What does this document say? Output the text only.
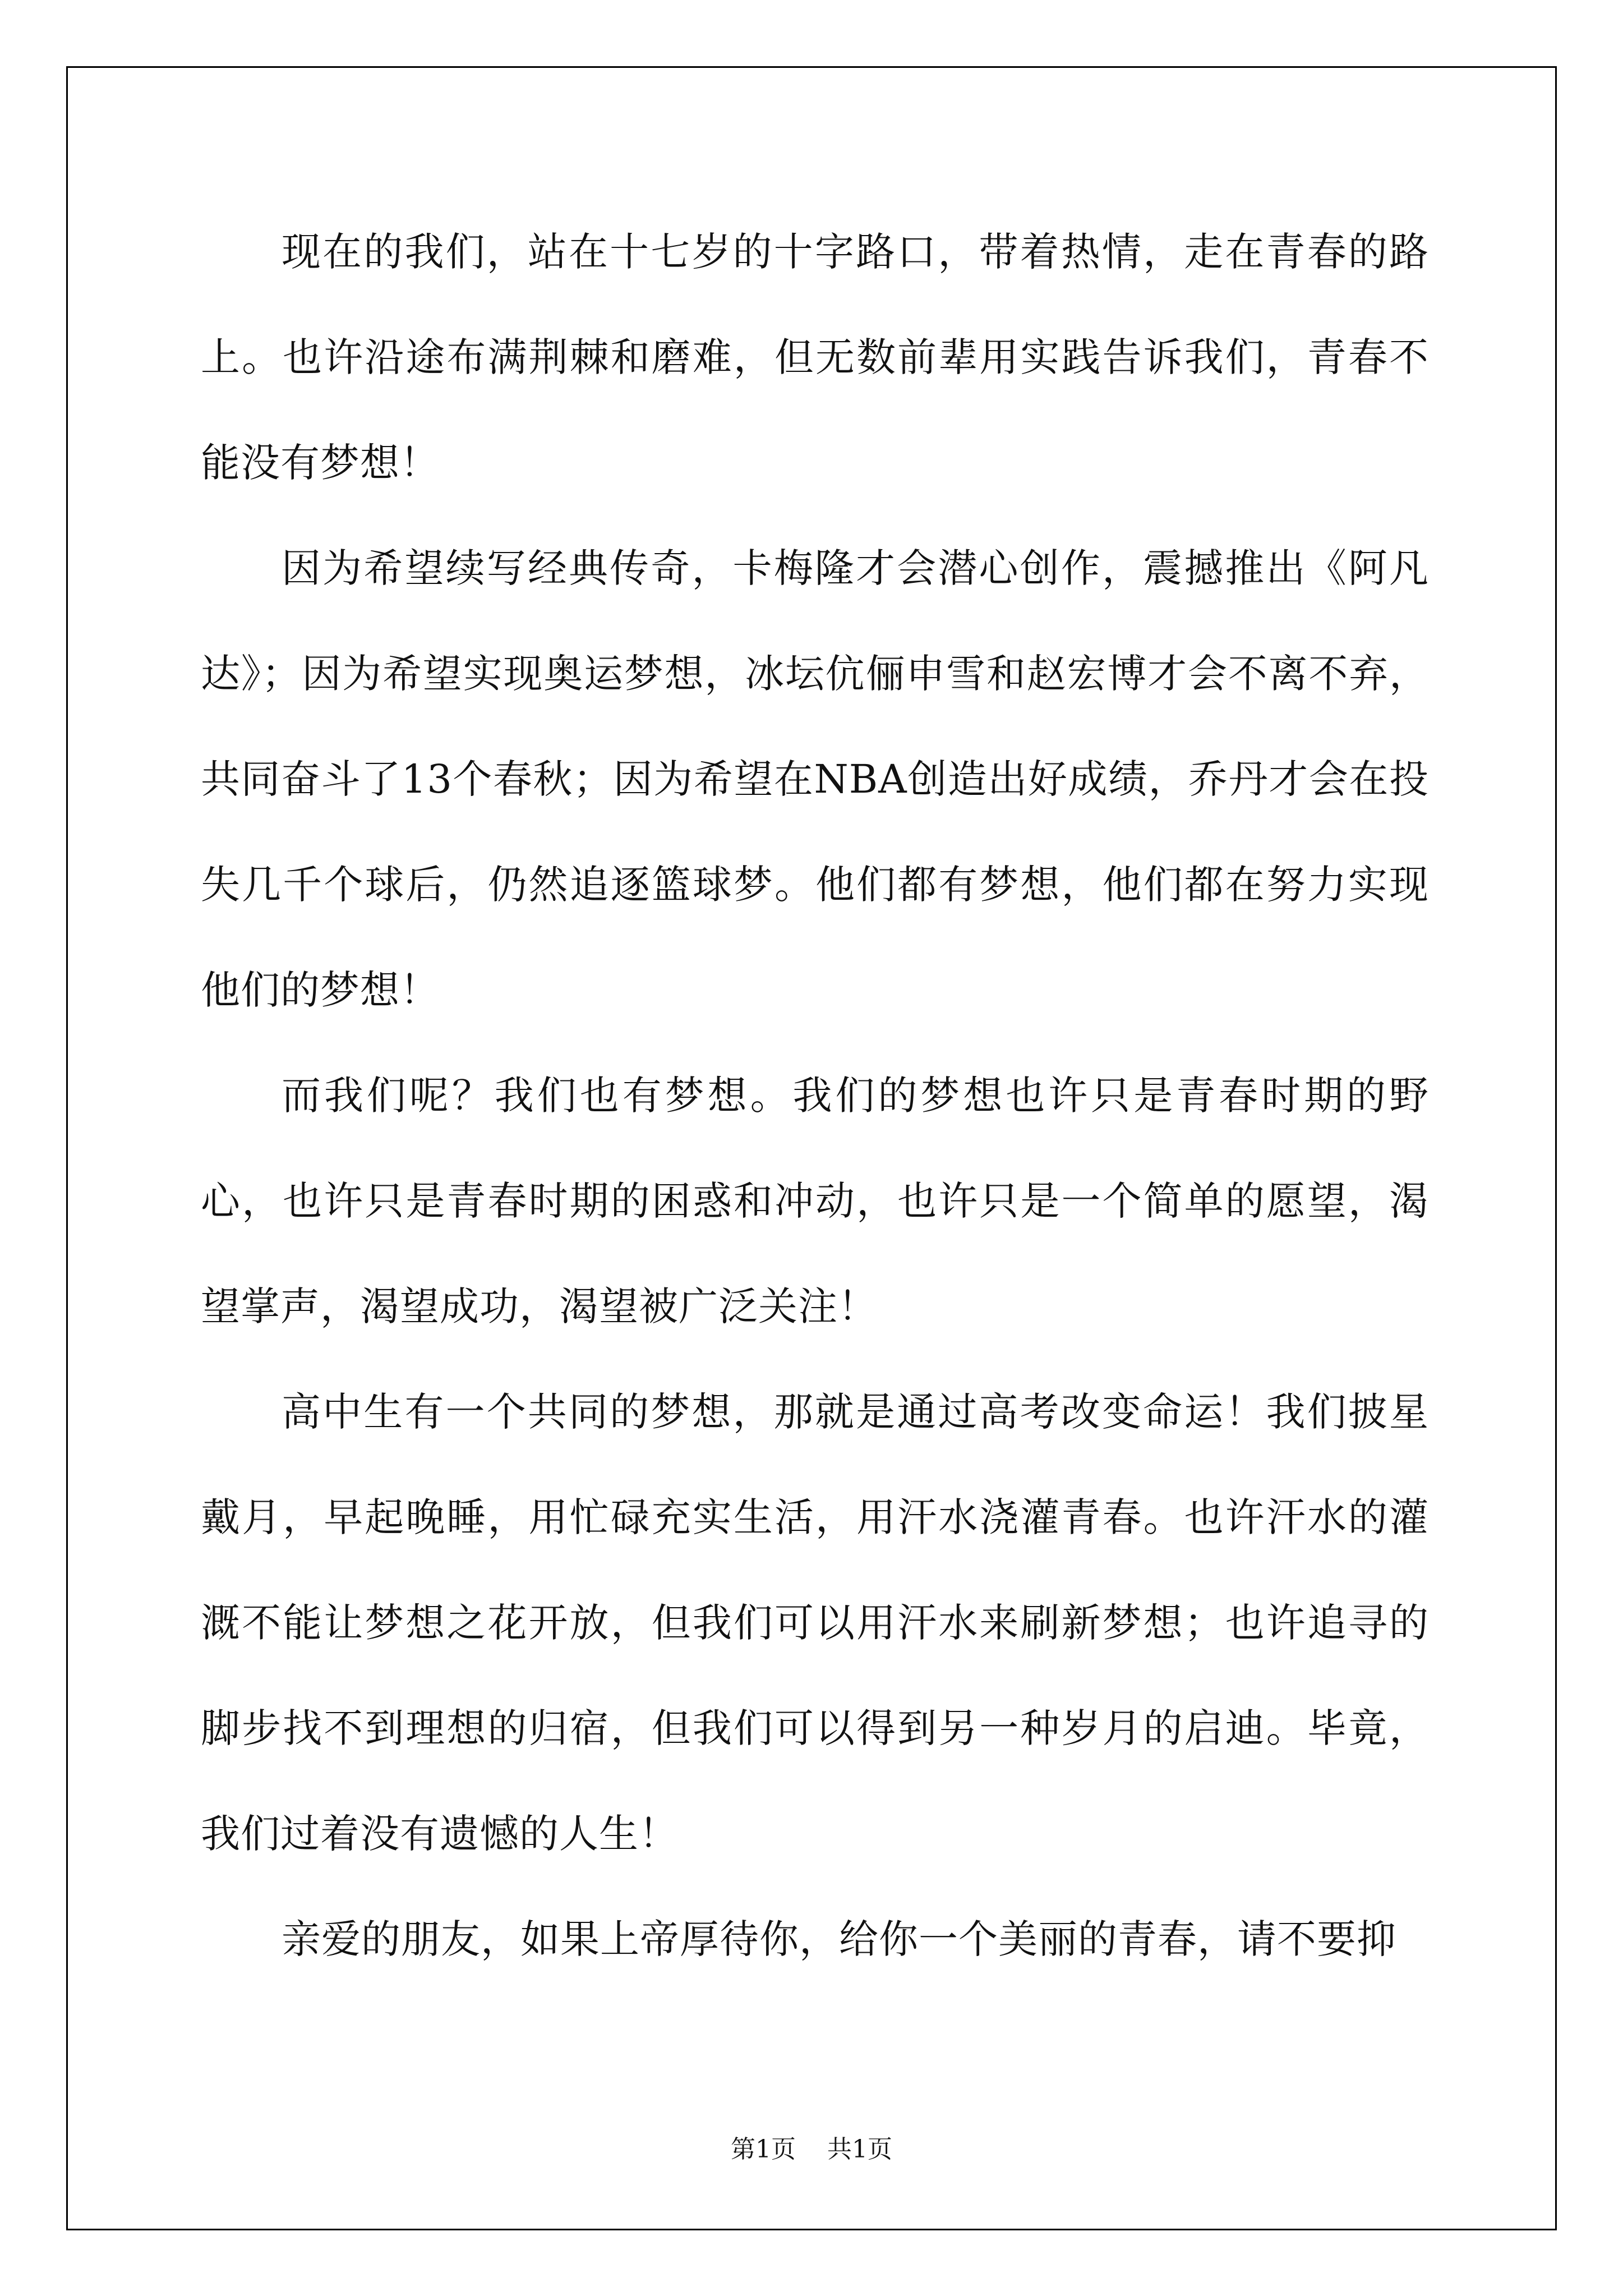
现在的我们，站在十七岁的十字路口，带着热情，走在青春的路上。也许沿途布满荆棘和磨难，但无数前辈用实践告诉我们，青春不能没有梦想！

因为希望续写经典传奇，卡梅隆才会潜心创作，震撼推出《阿凡达》；因为希望实现奥运梦想，冰坛伉俪申雪和赵宏博才会不离不弃，共同奋斗了13个春秋；因为希望在NBA创造出好成绩，乔丹才会在投失几千个球后，仍然追逐篮球梦。他们都有梦想，他们都在努力实现他们的梦想！

而我们呢？我们也有梦想。我们的梦想也许只是青春时期的野心，也许只是青春时期的困惑和冲动，也许只是一个简单的愿望，渴望掌声，渴望成功，渴望被广泛关注！

高中生有一个共同的梦想，那就是通过高考改变命运！我们披星戴月，早起晚睡，用忙碌充实生活，用汗水浇灌青春。也许汗水的灌溉不能让梦想之花开放，但我们可以用汗水来刷新梦想；也许追寻的脚步找不到理想的归宿，但我们可以得到另一种岁月的启迪。毕竟，我们过着没有遗憾的人生！

亲爱的朋友，如果上帝厚待你，给你一个美丽的青春，请不要抑

第1页 共1页
